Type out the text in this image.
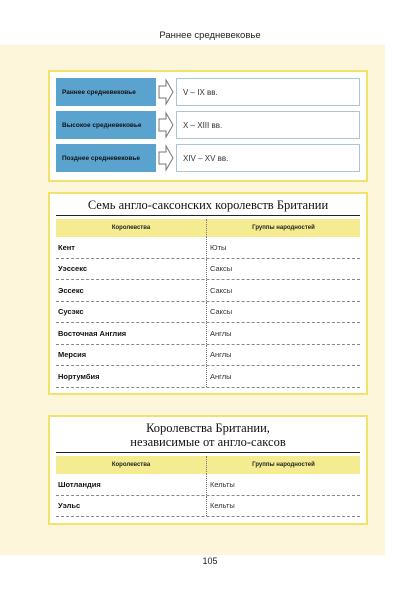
Раннее средневековье
Раннее средневековье	V – IX вв.
Высокое средневековье	X – XIII вв.
Позднее средневековье	XIV – XV вв.
Семь англо-саксонских королевств Британии
Королевства	Группы народностей
Кент	Юты
Уэссекс	Саксы
Эссекс	Саксы
Сусэкс	Саксы
Восточная Англия	Англы
Мерсия	Англы
Нортумбия	Англы
Королевства Британии,
независимые от англо-саксов
Королевства	Группы народностей
Шотландия	Кельты
Уэльс	Кельты
105
